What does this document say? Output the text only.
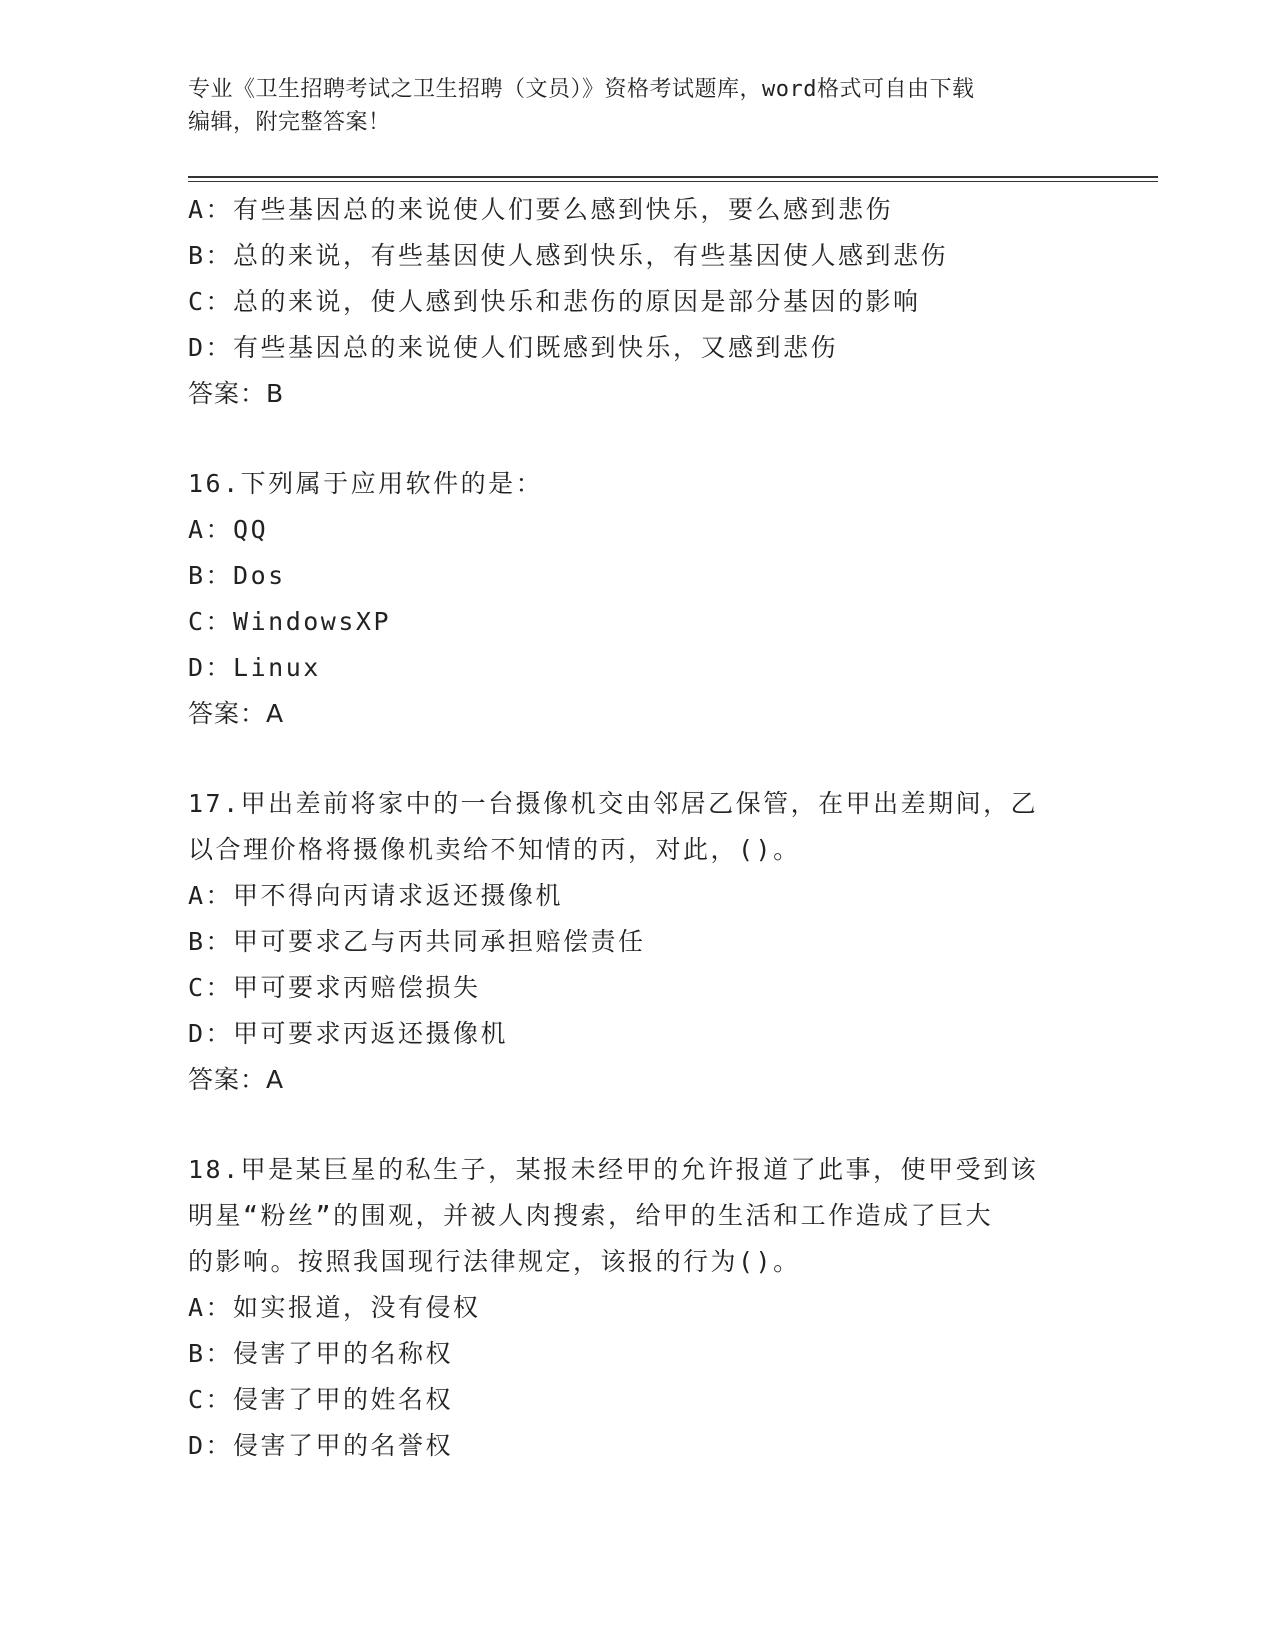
专业《卫生招聘考试之卫生招聘（文员）》资格考试题库，word格式可自由下载
编辑，附完整答案！
A：有些基因总的来说使人们要么感到快乐，要么感到悲伤
B：总的来说，有些基因使人感到快乐，有些基因使人感到悲伤
C：总的来说，使人感到快乐和悲伤的原因是部分基因的影响
D：有些基因总的来说使人们既感到快乐，又感到悲伤
答案：B
16.下列属于应用软件的是：
A：QQ
B：Dos
C：WindowsXP
D：Linux
答案：A
17.甲出差前将家中的一台摄像机交由邻居乙保管，在甲出差期间，乙
以合理价格将摄像机卖给不知情的丙，对此，()。
A：甲不得向丙请求返还摄像机
B：甲可要求乙与丙共同承担赔偿责任
C：甲可要求丙赔偿损失
D：甲可要求丙返还摄像机
答案：A
18.甲是某巨星的私生子，某报未经甲的允许报道了此事，使甲受到该
明星“粉丝”的围观，并被人肉搜索，给甲的生活和工作造成了巨大
的影响。按照我国现行法律规定，该报的行为()。
A：如实报道，没有侵权
B：侵害了甲的名称权
C：侵害了甲的姓名权
D：侵害了甲的名誉权
